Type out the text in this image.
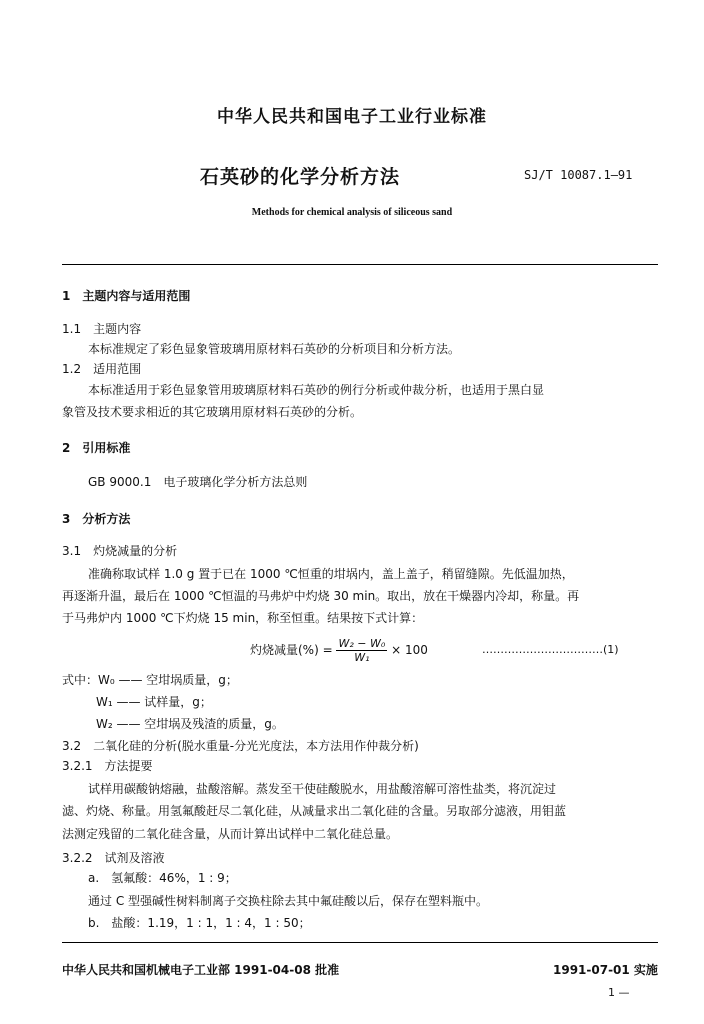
中华人民共和国电子工业行业标准
石英砂的化学分析方法	SJ/T 10087.1—91
Methods for chemical analysis of siliceous sand
1　主题内容与适用范围
1.1　主题内容
本标准规定了彩色显象管玻璃用原材料石英砂的分析项目和分析方法。
1.2　适用范围
本标准适用于彩色显象管用玻璃原材料石英砂的例行分析或仲裁分析，也适用于黑白显
象管及技术要求相近的其它玻璃用原材料石英砂的分析。
2　引用标准
GB 9000.1　电子玻璃化学分析方法总则
3　分析方法
3.1　灼烧减量的分析
准确称取试样 1.0 g 置于已在 1000 ℃恒重的坩埚内，盖上盖子，稍留缝隙。先低温加热，
再逐渐升温，最后在 1000 ℃恒温的马弗炉中灼烧 30 min。取出，放在干燥器内冷却，称量。再
于马弗炉内 1000 ℃下灼烧 15 min，称至恒重。结果按下式计算：
灼烧减量(%) = $\frac{\text{W₂ − W₀}}{\text{W₁}} \times 100$	……………………………(1)
式中：W₀ —— 空坩埚质量，g；
W₁ —— 试样量，g；
W₂ —— 空坩埚及残渣的质量，g。
3.2　二氧化硅的分析(脱水重量-分光光度法，本方法用作仲裁分析)
3.2.1　方法提要
试样用碳酸钠熔融，盐酸溶解。蒸发至干使硅酸脱水，用盐酸溶解可溶性盐类，将沉淀过
滤、灼烧、称量。用氢氟酸赶尽二氧化硅，从减量求出二氧化硅的含量。另取部分滤液，用钼蓝
法测定残留的二氧化硅含量，从而计算出试样中二氧化硅总量。
3.2.2　试剂及溶液
a.　氢氟酸：46%，1 : 9；
通过 C 型强碱性树料制离子交换柱除去其中氟硅酸以后，保存在塑料瓶中。
b.　盐酸：1.19，1 : 1，1 : 4，1 : 50；
中华人民共和国机械电子工业部 1991-04-08 批准	1991-07-01 实施
1 —
